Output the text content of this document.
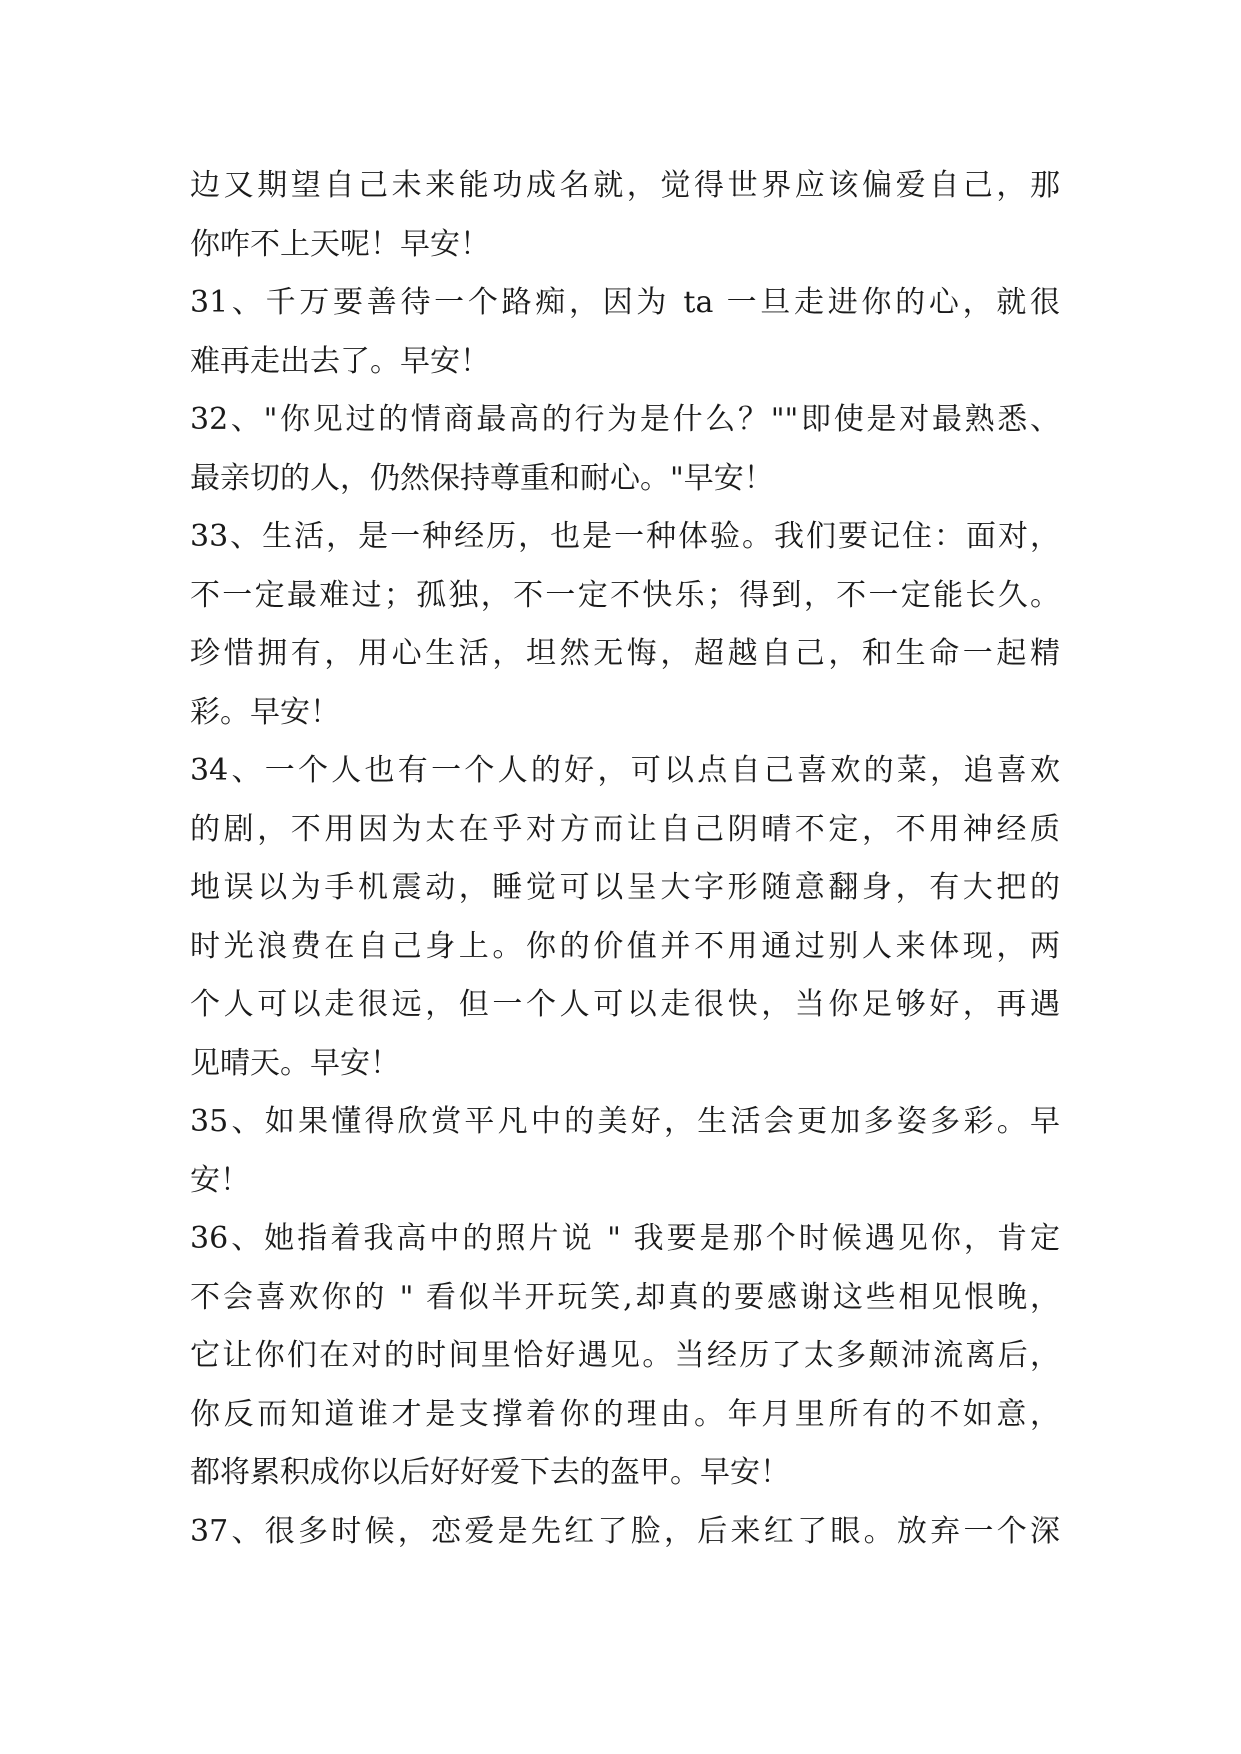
边又期望自己未来能功成名就，觉得世界应该偏爱自己，那
你咋不上天呢！早安！
31、千万要善待一个路痴，因为 ta 一旦走进你的心，就很
难再走出去了。早安！
32、"你见过的情商最高的行为是什么？""即使是对最熟悉、
最亲切的人，仍然保持尊重和耐心。"早安！
33、生活，是一种经历，也是一种体验。我们要记住：面对，
不一定最难过；孤独，不一定不快乐；得到，不一定能长久。
珍惜拥有，用心生活，坦然无悔，超越自己，和生命一起精
彩。早安！
34、一个人也有一个人的好，可以点自己喜欢的菜，追喜欢
的剧，不用因为太在乎对方而让自己阴晴不定，不用神经质
地误以为手机震动，睡觉可以呈大字形随意翻身，有大把的
时光浪费在自己身上。你的价值并不用通过别人来体现，两
个人可以走很远，但一个人可以走很快，当你足够好，再遇
见晴天。早安！
35、如果懂得欣赏平凡中的美好，生活会更加多姿多彩。早
安！
36、她指着我高中的照片说 " 我要是那个时候遇见你，肯定
不会喜欢你的 " 看似半开玩笑,却真的要感谢这些相见恨晚，
它让你们在对的时间里恰好遇见。当经历了太多颠沛流离后，
你反而知道谁才是支撑着你的理由。年月里所有的不如意，
都将累积成你以后好好爱下去的盔甲。早安！
37、很多时候，恋爱是先红了脸，后来红了眼。放弃一个深
